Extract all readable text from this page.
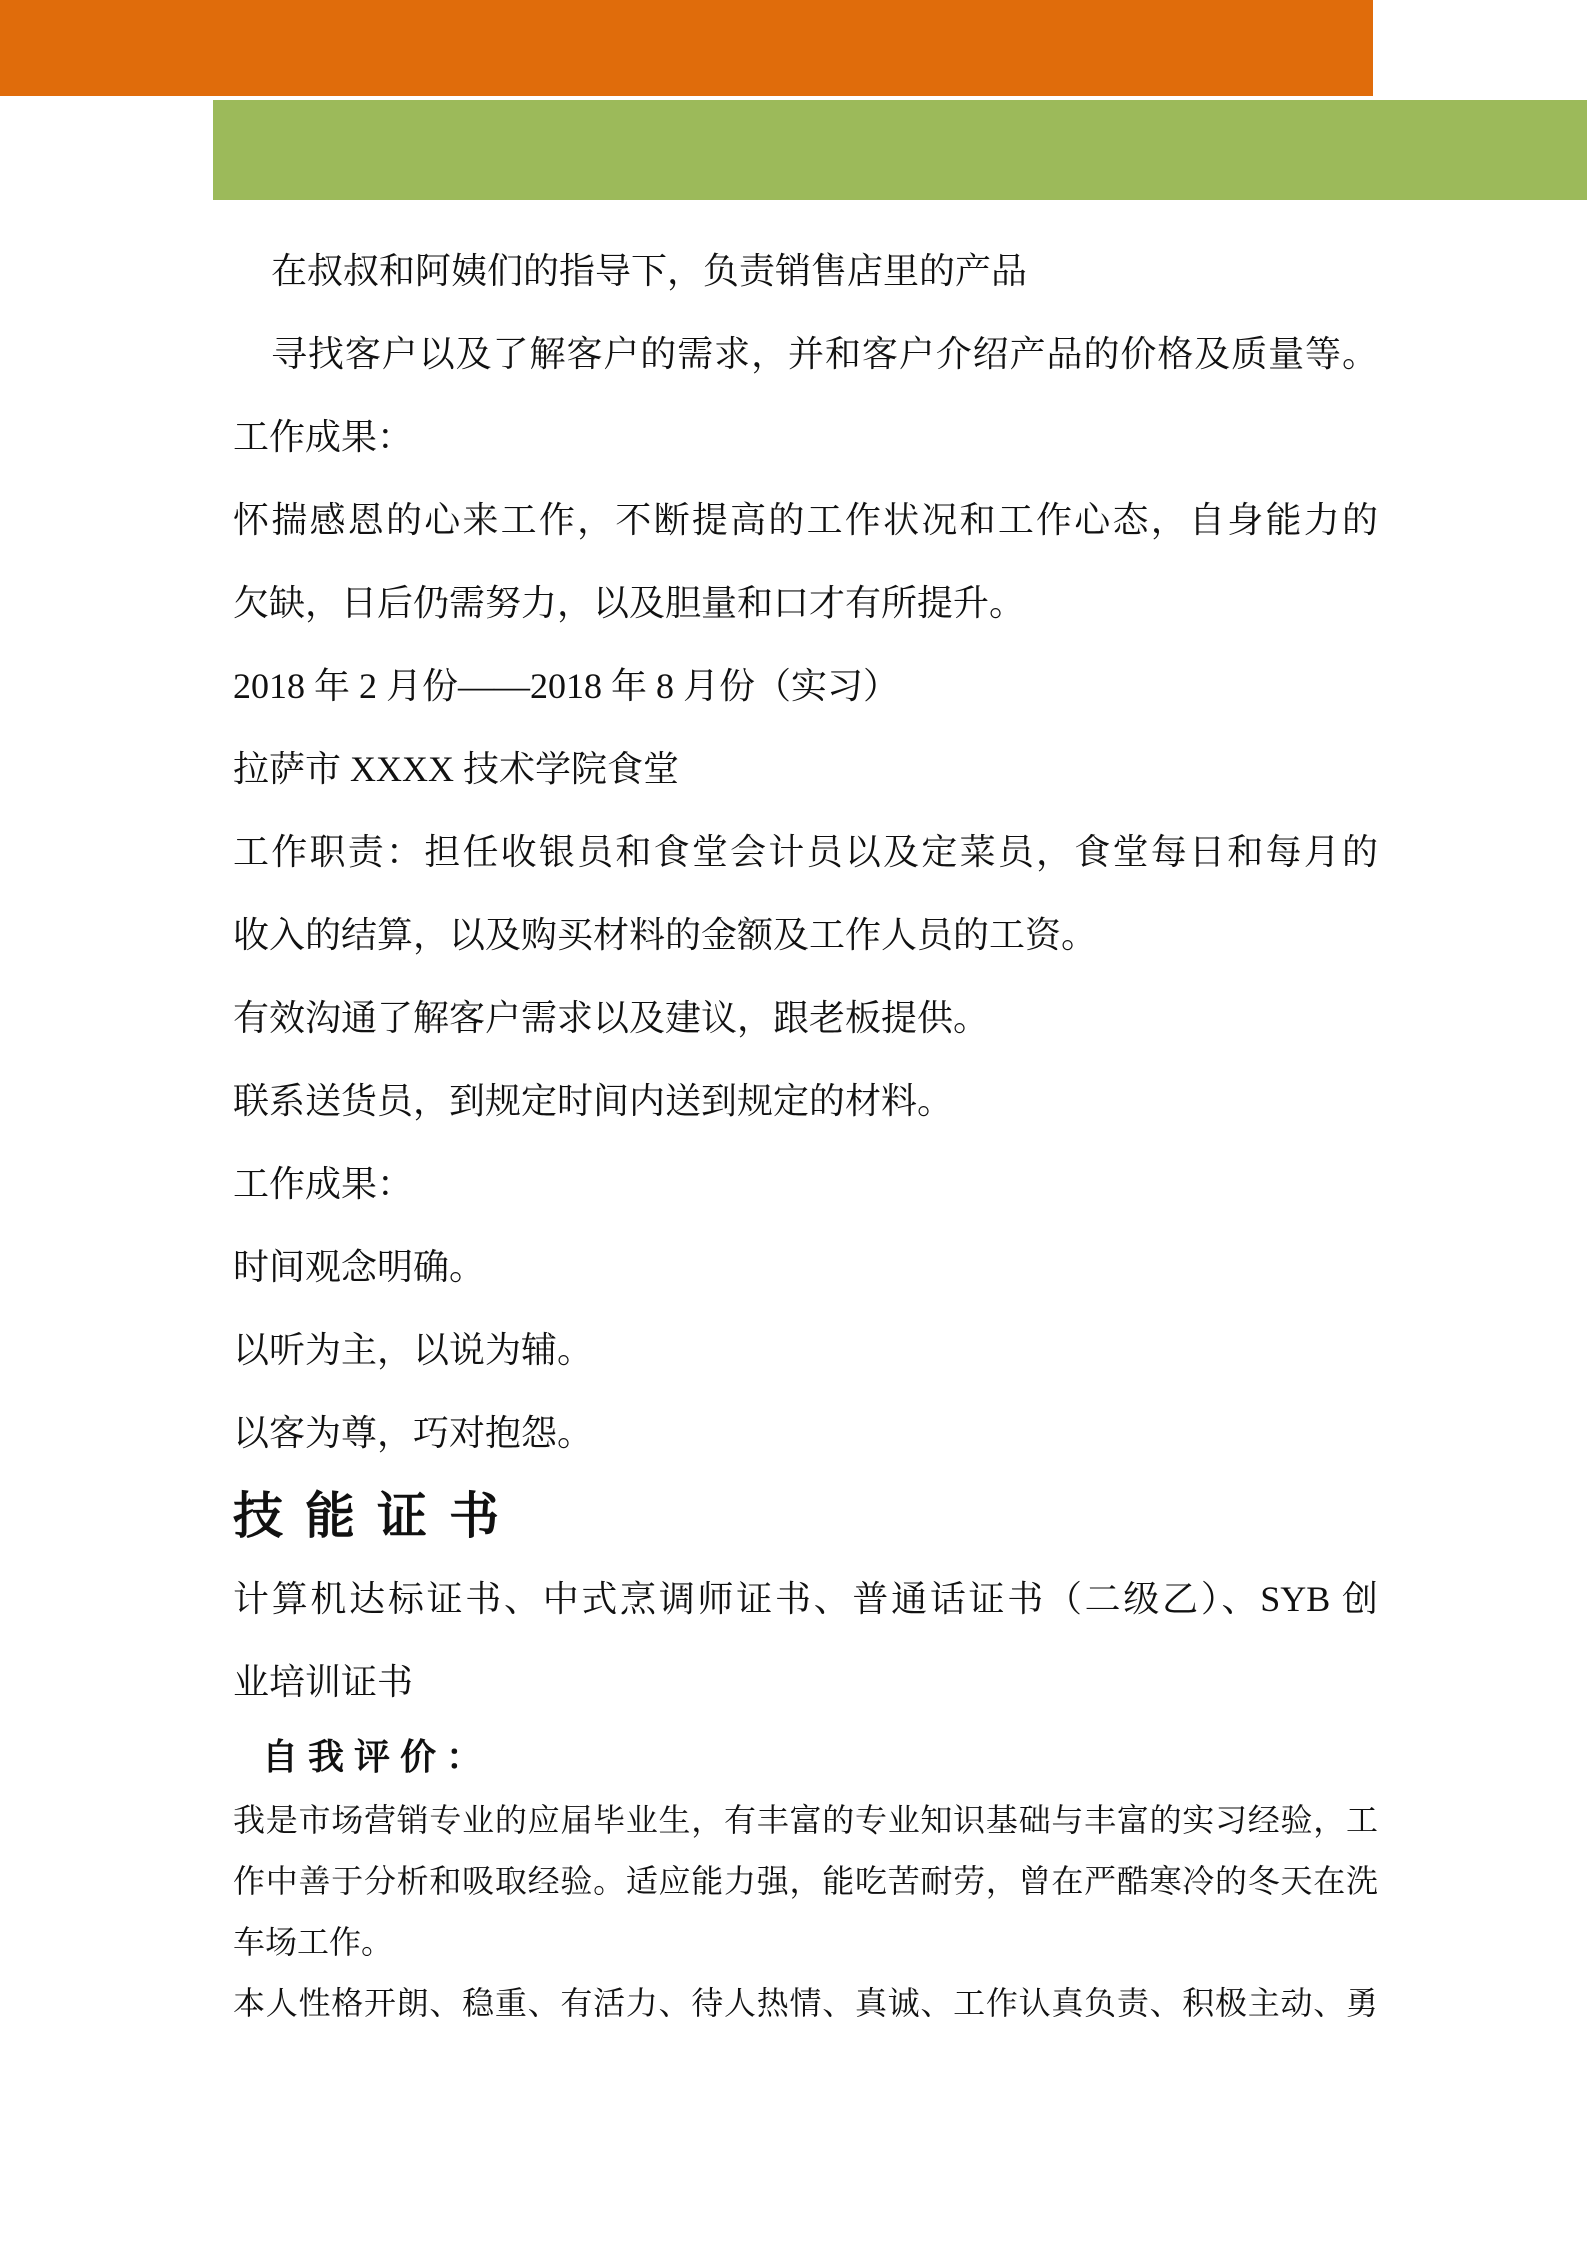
在叔叔和阿姨们的指导下，负责销售店里的产品

寻找客户以及了解客户的需求，并和客户介绍产品的价格及质量等。

工作成果：

怀揣感恩的心来工作，不断提高的工作状况和工作心态，自身能力的

欠缺，日后仍需努力，以及胆量和口才有所提升。

2018 年 2 月份——2018 年 8 月份（实习）

拉萨市 XXXX 技术学院食堂

工作职责：担任收银员和食堂会计员以及定菜员，食堂每日和每月的

收入的结算，以及购买材料的金额及工作人员的工资。

有效沟通了解客户需求以及建议，跟老板提供。

联系送货员，到规定时间内送到规定的材料。

工作成果：

时间观念明确。

以听为主，以说为辅。

以客为尊，巧对抱怨。

技能证书

计算机达标证书、中式烹调师证书、普通话证书（二级乙）、SYB 创

业培训证书

自我评价：

我是市场营销专业的应届毕业生，有丰富的专业知识基础与丰富的实习经验，工

作中善于分析和吸取经验。适应能力强，能吃苦耐劳，曾在严酷寒冷的冬天在洗

车场工作。

本人性格开朗、稳重、有活力、待人热情、真诚、工作认真负责、积极主动、勇
